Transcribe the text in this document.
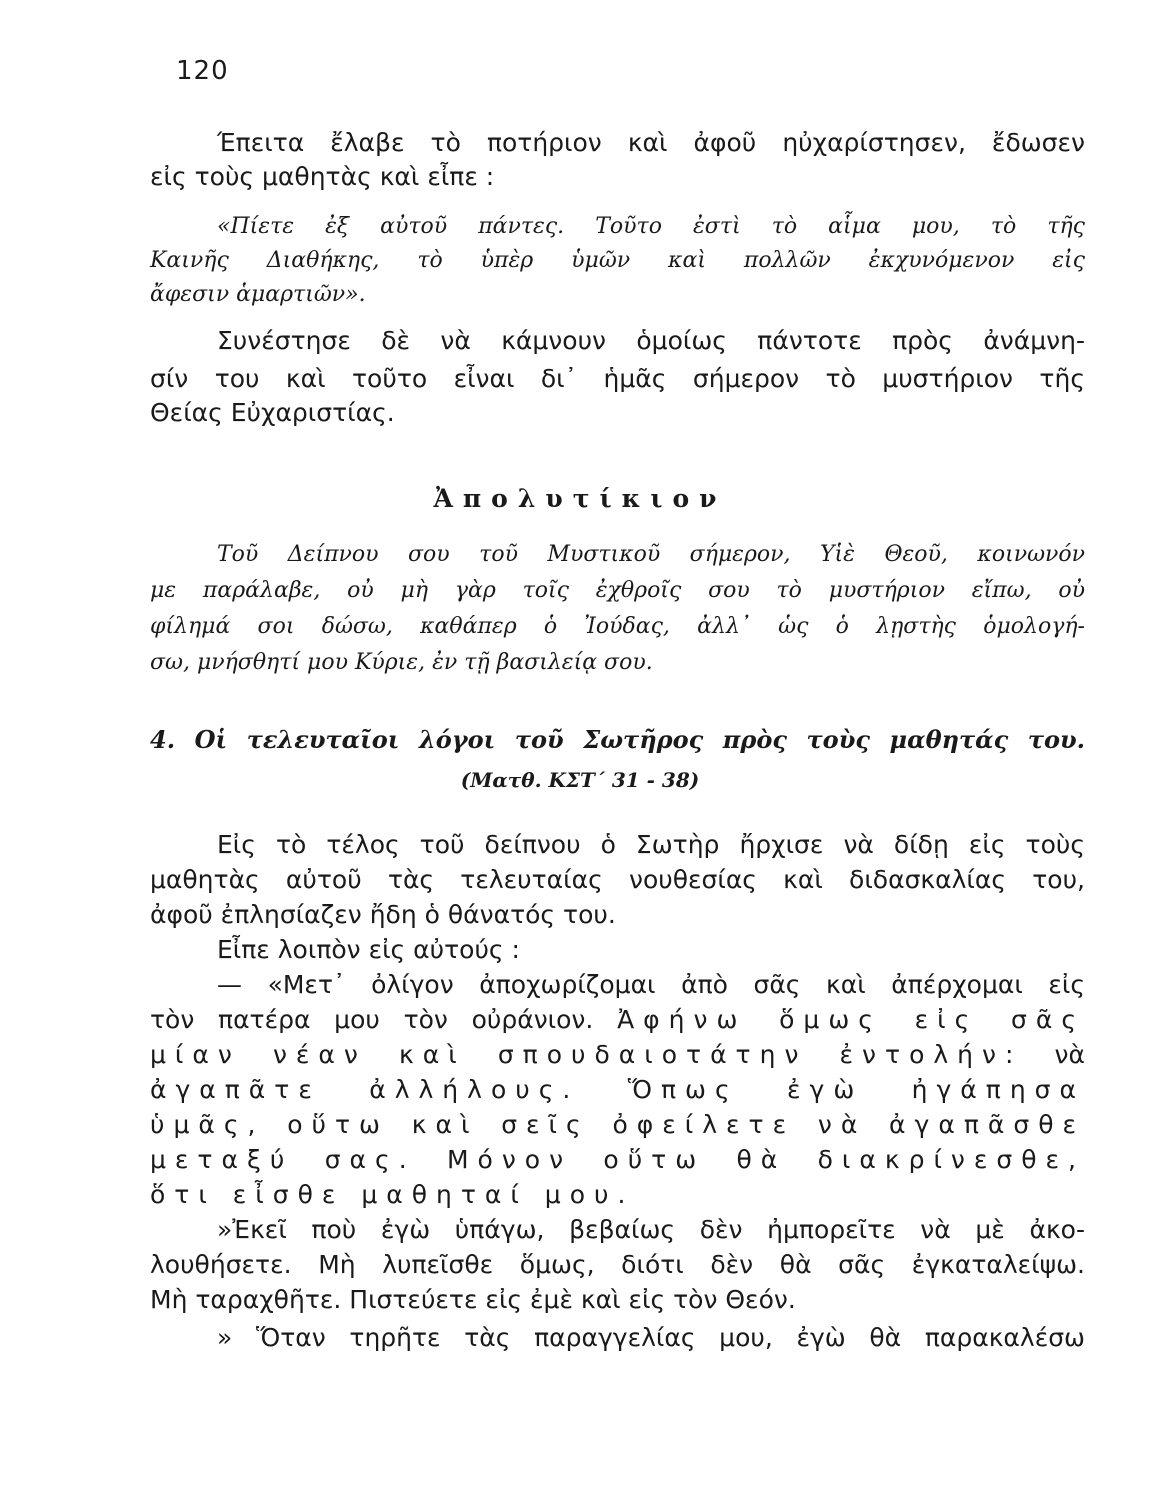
120
Έπειτα ἔλαβε τὸ ποτήριον καὶ ἀφοῦ ηὐχαρίστησεν, ἔδωσεν
εἰς τοὺς μαθητὰς καὶ εἶπε :
«Πίετε ἐξ αὐτοῦ πάντες. Τοῦτο ἐστὶ τὸ αἷμα μου, τὸ τῆς
Καινῆς Διαθήκης, τὸ ὑπὲρ ὑμῶν καὶ πολλῶν ἐκχυνόμενον εἰς
ἄφεσιν ἁμαρτιῶν».
Συνέστησε δὲ νὰ κάμνουν ὁμοίως πάντοτε πρὸς ἀνάμνη-
σίν του καὶ τοῦτο εἶναι δι᾽ ἡμᾶς σήμερον τὸ μυστήριον τῆς
Θείας Εὐχαριστίας.
Ἀπολυτίκιον
Τοῦ Δείπνου σου τοῦ Μυστικοῦ σήμερον, Υἱὲ Θεοῦ, κοινωνόν
με παράλαβε, οὐ μὴ γὰρ τοῖς ἐχθροῖς σου τὸ μυστήριον εἴπω, οὐ
φίλημά σοι δώσω, καθάπερ ὁ Ἰούδας, ἀλλ᾽ ὡς ὁ λῃστὴς ὁμολογή-
σω, μνήσθητί μου Κύριε, ἐν τῇ βασιλείᾳ σου.
4. Οἱ τελευταῖοι λόγοι τοῦ Σωτῆρος πρὸς τοὺς μαθητάς του.
(Ματθ. ΚΣΤ΄ 31 - 38)
Εἰς τὸ τέλος τοῦ δείπνου ὁ Σωτὴρ ἤρχισε νὰ δίδῃ εἰς τοὺς
μαθητὰς αὐτοῦ τὰς τελευταίας νουθεσίας καὶ διδασκαλίας του,
ἀφοῦ ἐπλησίαζεν ἤδη ὁ θάνατός του.
Εἶπε λοιπὸν εἰς αὐτούς :
— «Μετ᾽ ὀλίγον ἀποχωρίζομαι ἀπὸ σᾶς καὶ ἀπέρχομαι εἰς
τὸν πατέρα μου τὸν οὐράνιον. Ἀφήνω ὅμως εἰς σᾶς
μίαν νέαν καὶ σπουδαιοτάτην ἐντολήν: νὰ
ἀγαπᾶτε ἀλλήλους. Ὅπως ἐγὼ ἠγάπησα
ὑμᾶς, οὕτω καὶ σεῖς ὀφείλετε νὰ ἀγαπᾶσθε
μεταξύ σας. Μόνον οὕτω θὰ διακρίνεσθε,
ὅτι εἶσθε μαθηταί μου.
»Ἐκεῖ ποὺ ἐγὼ ὑπάγω, βεβαίως δὲν ἠμπορεῖτε νὰ μὲ ἀκο-
λουθήσετε. Μὴ λυπεῖσθε ὅμως, διότι δὲν θὰ σᾶς ἐγκαταλείψω.
Μὴ ταραχθῆτε. Πιστεύετε εἰς ἐμὲ καὶ εἰς τὸν Θεόν.
» Ὅταν τηρῆτε τὰς παραγγελίας μου, ἐγὼ θὰ παρακαλέσω
